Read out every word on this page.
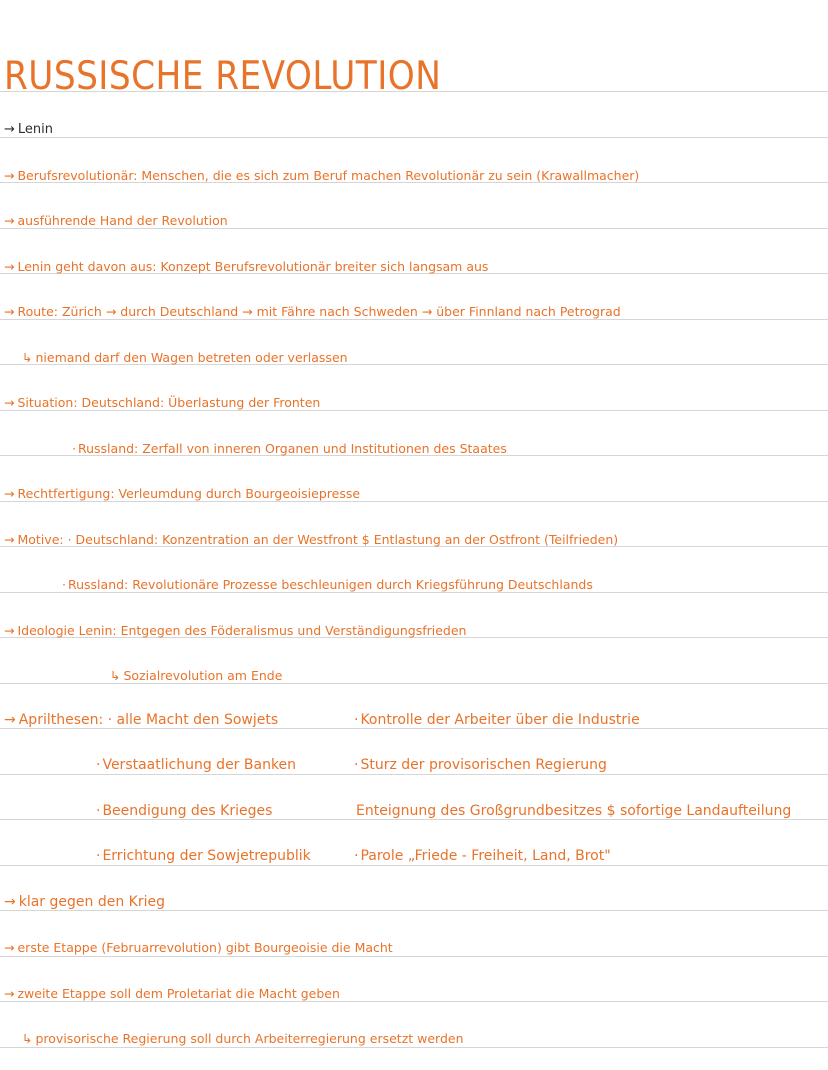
RUSSISCHE REVOLUTION
→ Lenin
→ Berufsrevolutionär: Menschen, die es sich zum Beruf machen Revolutionär zu sein (Krawallmacher)
→ ausführende Hand der Revolution
→ Lenin geht davon aus: Konzept Berufsrevolutionär breiter sich langsam aus
→ Route: Zürich → durch Deutschland → mit Fähre nach Schweden → über Finnland nach Petrograd
↳ niemand darf den Wagen betreten oder verlassen
→ Situation: Deutschland: Überlastung der Fronten
· Russland: Zerfall von inneren Organen und Institutionen des Staates
→ Rechtfertigung: Verleumdung durch Bourgeoisiepresse
→ Motive: · Deutschland: Konzentration an der Westfront $ Entlastung an der Ostfront (Teilfrieden)
· Russland: Revolutionäre Prozesse beschleunigen durch Kriegsführung Deutschlands
→ Ideologie Lenin: Entgegen des Föderalismus und Verständigungsfrieden
↳ Sozialrevolution am Ende
→ Aprilthesen: · alle Macht den Sowjets	· Kontrolle der Arbeiter über die Industrie
· Verstaatlichung der Banken	· Sturz der provisorischen Regierung
· Beendigung des Krieges	Enteignung des Großgrundbesitzes $ sofortige Landaufteilung
· Errichtung der Sowjetrepublik	· Parole „Friede - Freiheit, Land, Brot"
→ klar gegen den Krieg
→ erste Etappe (Februarrevolution) gibt Bourgeoisie die Macht
→ zweite Etappe soll dem Proletariat die Macht geben
↳ provisorische Regierung soll durch Arbeiterregierung ersetzt werden
